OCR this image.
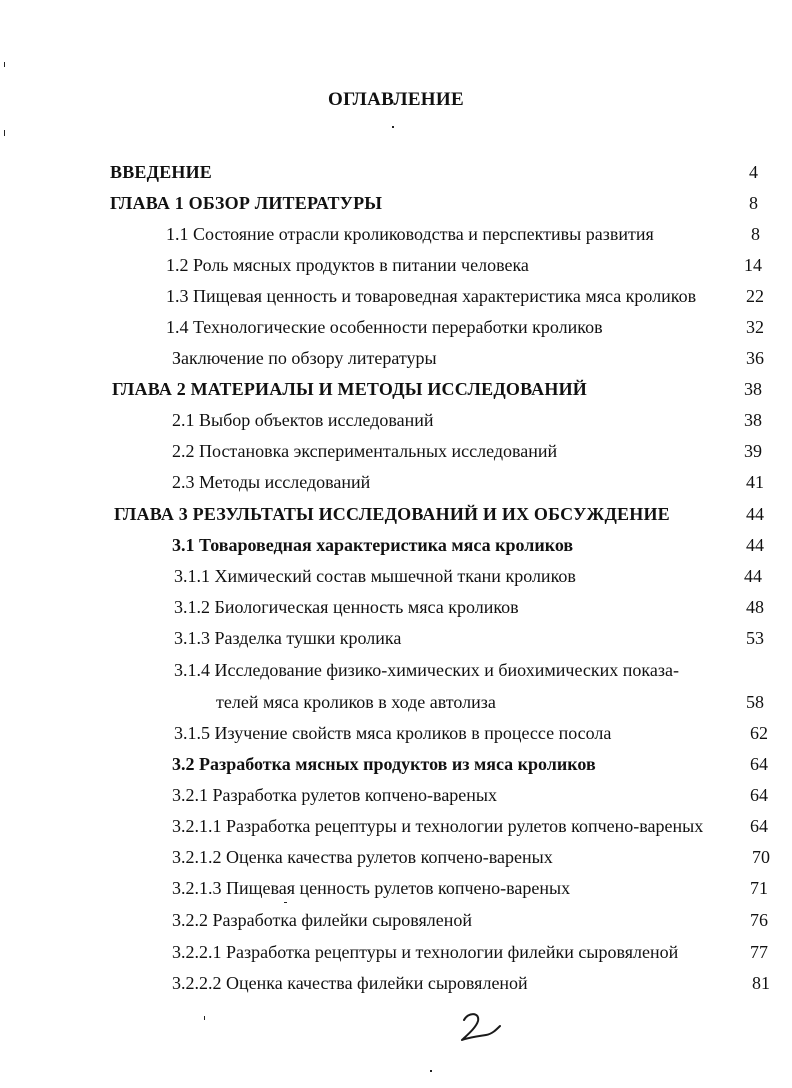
ОГЛАВЛЕНИЕ
ВВЕДЕНИЕ	4
ГЛАВА 1 ОБЗОР ЛИТЕРАТУРЫ	8
1.1 Состояние отрасли кролиководства и перспективы развития	8
1.2 Роль мясных продуктов в питании человека	14
1.3 Пищевая ценность и товароведная характеристика мяса кроликов	22
1.4 Технологические особенности переработки кроликов	32
Заключение по обзору литературы	36
ГЛАВА 2 МАТЕРИАЛЫ И МЕТОДЫ ИССЛЕДОВАНИЙ	38
2.1 Выбор объектов исследований	38
2.2 Постановка экспериментальных исследований	39
2.3 Методы исследований	41
ГЛАВА 3 РЕЗУЛЬТАТЫ ИССЛЕДОВАНИЙ И ИХ ОБСУЖДЕНИЕ	44
3.1 Товароведная характеристика мяса кроликов	44
3.1.1 Химический состав мышечной ткани кроликов	44
3.1.2 Биологическая ценность мяса кроликов	48
3.1.3 Разделка тушки кролика	53
3.1.4 Исследование физико-химических и биохимических показа-
телей мяса кроликов в ходе автолиза	58
3.1.5 Изучение свойств мяса кроликов в процессе посола	62
3.2 Разработка мясных продуктов из мяса кроликов	64
3.2.1 Разработка рулетов копчено-вареных	64
3.2.1.1 Разработка рецептуры и технологии рулетов копчено-вареных	64
3.2.1.2 Оценка качества рулетов копчено-вареных	70
3.2.1.3 Пищевая ценность рулетов копчено-вареных	71
3.2.2 Разработка филейки сыровяленой	76
3.2.2.1 Разработка рецептуры и технологии филейки сыровяленой	77
3.2.2.2 Оценка качества филейки сыровяленой	81
